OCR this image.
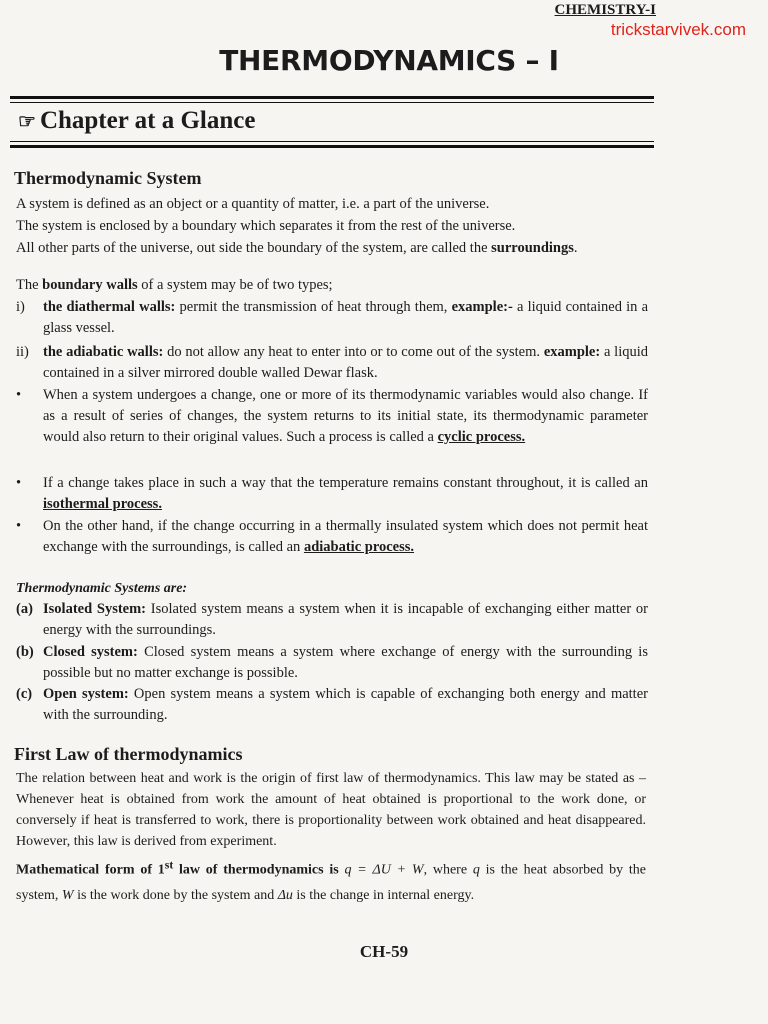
CHEMISTRY-I
trickstarvivek.com
THERMODYNAMICS – I
☞ Chapter at a Glance
Thermodynamic System
A system is defined as an object or a quantity of matter, i.e. a part of the universe.
The system is enclosed by a boundary which separates it from the rest of the universe.
All other parts of the universe, out side the boundary of the system, are called the surroundings.
The boundary walls of a system may be of two types;
i)	the diathermal walls: permit the transmission of heat through them, example:- a liquid contained in a glass vessel.
ii) the adiabatic walls: do not allow any heat to enter into or to come out of the system. example: a liquid contained in a silver mirrored double walled Dewar flask.
•	When a system undergoes a change, one or more of its thermodynamic variables would also change. If as a result of series of changes, the system returns to its initial state, its thermodynamic parameter would also return to their original values. Such a process is called a cyclic process.
•	If a change takes place in such a way that the temperature remains constant throughout, it is called an isothermal process.
•	On the other hand, if the change occurring in a thermally insulated system which does not permit heat exchange with the surroundings, is called an adiabatic process.
Thermodynamic Systems are:
(a) Isolated System: Isolated system means a system when it is incapable of exchanging either matter or energy with the surroundings.
(b) Closed system: Closed system means a system where exchange of energy with the surrounding is possible but no matter exchange is possible.
(c) Open system: Open system means a system which is capable of exchanging both energy and matter with the surrounding.
First Law of thermodynamics
The relation between heat and work is the origin of first law of thermodynamics. This law may be stated as – Whenever heat is obtained from work the amount of heat obtained is proportional to the work done, or conversely if heat is transferred to work, there is proportionality between work obtained and heat disappeared. However, this law is derived from experiment.
Mathematical form of 1st law of thermodynamics is q = ΔU + W, where q is the heat absorbed by the system, W is the work done by the system and Δu is the change in internal energy.
CH-59
